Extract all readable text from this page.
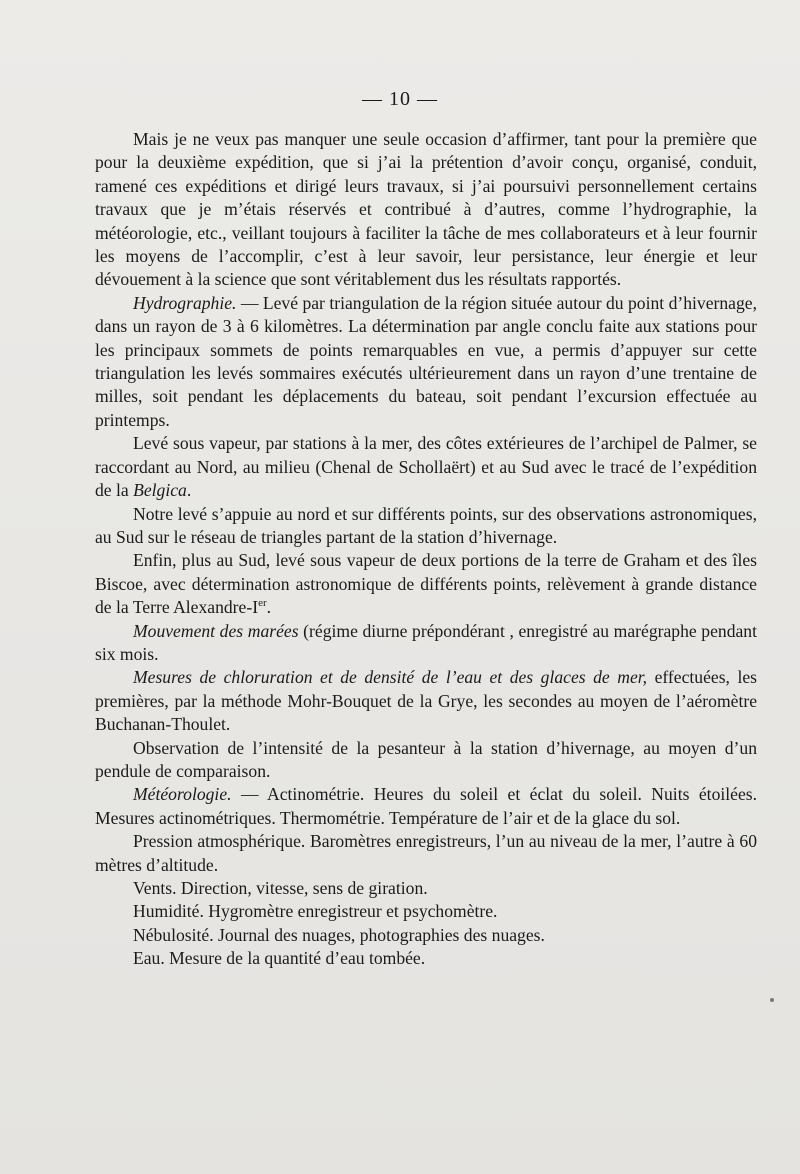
— 10 —

Mais je ne veux pas manquer une seule occasion d’affirmer, tant pour la première que pour la deuxième expédition, que si j’ai la prétention d’avoir conçu, organisé, conduit, ramené ces expéditions et dirigé leurs travaux, si j’ai poursuivi personnellement certains travaux que je m’étais réservés et contribué à d’autres, comme l’hydrographie, la météorologie, etc., veillant toujours à faciliter la tâche de mes collaborateurs et à leur fournir les moyens de l’accomplir, c’est à leur savoir, leur persistance, leur énergie et leur dévouement à la science que sont véritablement dus les résultats rapportés.

Hydrographie. — Levé par triangulation de la région située autour du point d’hivernage, dans un rayon de 3 à 6 kilomètres. La détermination par angle conclu faite aux stations pour les principaux sommets de points remarquables en vue, a permis d’appuyer sur cette triangulation les levés sommaires exécutés ultérieurement dans un rayon d’une trentaine de milles, soit pendant les déplacements du bateau, soit pendant l’excursion effectuée au printemps.

Levé sous vapeur, par stations à la mer, des côtes extérieures de l’archipel de Palmer, se raccordant au Nord, au milieu (Chenal de Schollaërt) et au Sud avec le tracé de l’expédition de la Belgica.

Notre levé s’appuie au nord et sur différents points, sur des observations astronomiques, au Sud sur le réseau de triangles partant de la station d’hivernage.

Enfin, plus au Sud, levé sous vapeur de deux portions de la terre de Graham et des îles Biscoe, avec détermination astronomique de différents points, relèvement à grande distance de la Terre Alexandre-Ier.

Mouvement des marées (régime diurne prépondérant , enregistré au marégraphe pendant six mois.

Mesures de chloruration et de densité de l’eau et des glaces de mer, effectuées, les premières, par la méthode Mohr-Bouquet de la Grye, les secondes au moyen de l’aéromètre Buchanan-Thoulet.

Observation de l’intensité de la pesanteur à la station d’hivernage, au moyen d’un pendule de comparaison.

Météorologie. — Actinométrie. Heures du soleil et éclat du soleil. Nuits étoilées. Mesures actinométriques. Thermométrie. Température de l’air et de la glace du sol.

Pression atmosphérique. Baromètres enregistreurs, l’un au niveau de la mer, l’autre à 60 mètres d’altitude.

Vents. Direction, vitesse, sens de giration.

Humidité. Hygromètre enregistreur et psychomètre.

Nébulosité. Journal des nuages, photographies des nuages.

Eau. Mesure de la quantité d’eau tombée.
